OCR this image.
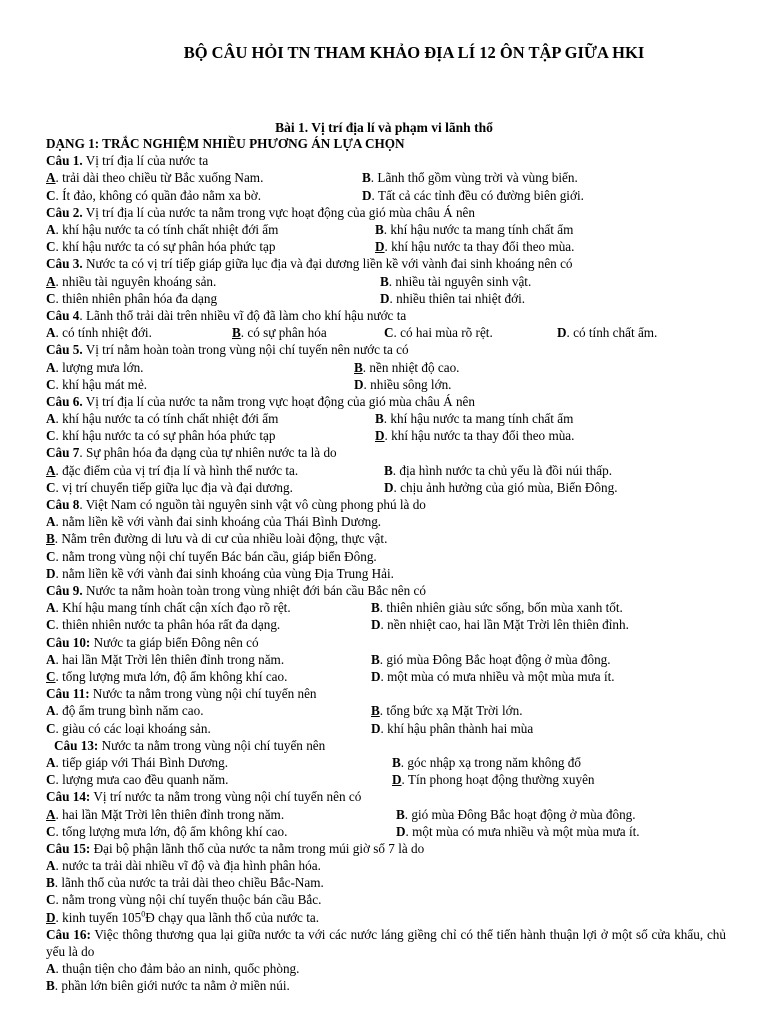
BỘ CÂU HỎI TN THAM KHẢO ĐỊA LÍ 12 ÔN TẬP GIỮA HKI
Bài 1. Vị trí địa lí và phạm vi lãnh thổ
DẠNG 1: TRẮC NGHIỆM NHIỀU PHƯƠNG ÁN LỰA CHỌN
Câu 1. Vị trí địa lí của nước ta
A. trải dài theo chiều từ Bắc xuống Nam.	B. Lãnh thổ gồm vùng trời và vùng biển.
C. Ít đảo, không có quần đảo nằm xa bờ.	D. Tất cả các tỉnh đều có đường biên giới.
Câu 2. Vị trí địa lí của nước ta nằm trong vực hoạt động của gió mùa châu Á nên
A. khí hậu nước ta có tính chất nhiệt đới ẩm	B. khí hậu nước ta mang tính chất ẩm
C. khí hậu nước ta có sự phân hóa phức tạp	D. khí hậu nước ta thay đổi theo mùa.
Câu 3. Nước ta có vị trí tiếp giáp giữa lục địa và đại dương liền kề với vành đai sinh khoáng nên có
A. nhiều tài nguyên khoáng sản.	B. nhiều tài nguyên sinh vật.
C. thiên nhiên phân hóa đa dạng	D. nhiều thiên tai nhiệt đới.
Câu 4. Lãnh thổ trải dài trên nhiều vĩ độ đã làm cho khí hậu nước ta
A. có tính nhiệt đới.	B. có sự phân hóa	C. có hai mùa rõ rệt.	D. có tính chất ẩm.
Câu 5. Vị trí nằm hoàn toàn trong vùng nội chí tuyến nên nước ta có
A. lượng mưa lớn.	B. nền nhiệt độ cao.
C. khí hậu mát mẻ.	D. nhiều sông lớn.
Câu 6. Vị trí địa lí của nước ta nằm trong vực hoạt động của gió mùa châu Á nên
A. khí hậu nước ta có tính chất nhiệt đới ẩm	B. khí hậu nước ta mang tính chất ẩm
C. khí hậu nước ta có sự phân hóa phức tạp	D. khí hậu nước ta thay đổi theo mùa.
Câu 7. Sự phân hóa đa dạng của tự nhiên nước ta là do
A. đặc điểm của vị trí địa lí và hình thể nước ta.	B. địa hình nước ta chủ yếu là đồi núi thấp.
C. vị trí chuyển tiếp giữa lục địa và đại dương.	D. chịu ảnh hưởng của gió mùa, Biển Đông.
Câu 8. Việt Nam có nguồn tài nguyên sinh vật vô cùng phong phú là do
A. nằm liền kề với vành đai sinh khoáng của Thái Bình Dương.
B. Nằm trên đường di lưu và di cư của nhiều loài động, thực vật.
C. nằm trong vùng nội chí tuyến Bác bán cầu, giáp biển Đông.
D. nằm liền kề với vành đai sinh khoáng của vùng Địa Trung Hải.
Câu 9. Nước ta nằm hoàn toàn trong vùng nhiệt đới bán cầu Bắc nên có
A. Khí hậu mang tính chất cận xích đạo rõ rệt.	B. thiên nhiên giàu sức sống, bốn mùa xanh tốt.
C. thiên nhiên nước ta phân hóa rất đa dạng.	D. nền nhiệt cao, hai lần Mặt Trời lên thiên đỉnh.
Câu 10: Nước ta giáp biển Đông nên có
A. hai lần Mặt Trời lên thiên đỉnh trong năm.	B. gió mùa Đông Bắc hoạt động ở mùa đông.
C. tổng lượng mưa lớn, độ ẩm không khí cao.	D. một mùa có mưa nhiều và một mùa mưa ít.
Câu 11: Nước ta nằm trong vùng nội chí tuyến nên
A. độ ẩm trung bình năm cao.	B. tổng bức xạ Mặt Trời lớn.
C. giàu có các loại khoáng sản.	D. khí hậu phân thành hai mùa
Câu 13: Nước ta nằm trong vùng nội chí tuyến nên
A. tiếp giáp với Thái Bình Dương.	B. góc nhập xạ trong năm không đổ
C. lượng mưa cao đều quanh năm.	D. Tín phong hoạt động thường xuyên
Câu 14: Vị trí nước ta nằm trong vùng nội chí tuyến nên có
A. hai lần Mặt Trời lên thiên đỉnh trong năm.	B. gió mùa Đông Bắc hoạt động ở mùa đông.
C. tổng lượng mưa lớn, độ ẩm không khí cao.	D. một mùa có mưa nhiều và một mùa mưa ít.
Câu 15: Đại bộ phận lãnh thổ của nước ta nằm trong múi giờ số 7 là do
A. nước ta trải dài nhiều vĩ độ và địa hình phân hóa.
B. lãnh thổ của nước ta trải dài theo chiều Bắc-Nam.
C. nằm trong vùng nội chí tuyến thuộc bán cầu Bắc.
D. kinh tuyến $105^0Đ$ chạy qua lãnh thổ của nước ta.
Câu 16: Việc thông thương qua lại giữa nước ta với các nước láng giềng chỉ có thể tiến hành thuận lợi ở một số cửa khẩu, chủ yếu là do
A. thuận tiện cho đảm bảo an ninh, quốc phòng.
B. phần lớn biên giới nước ta nằm ở miền núi.
